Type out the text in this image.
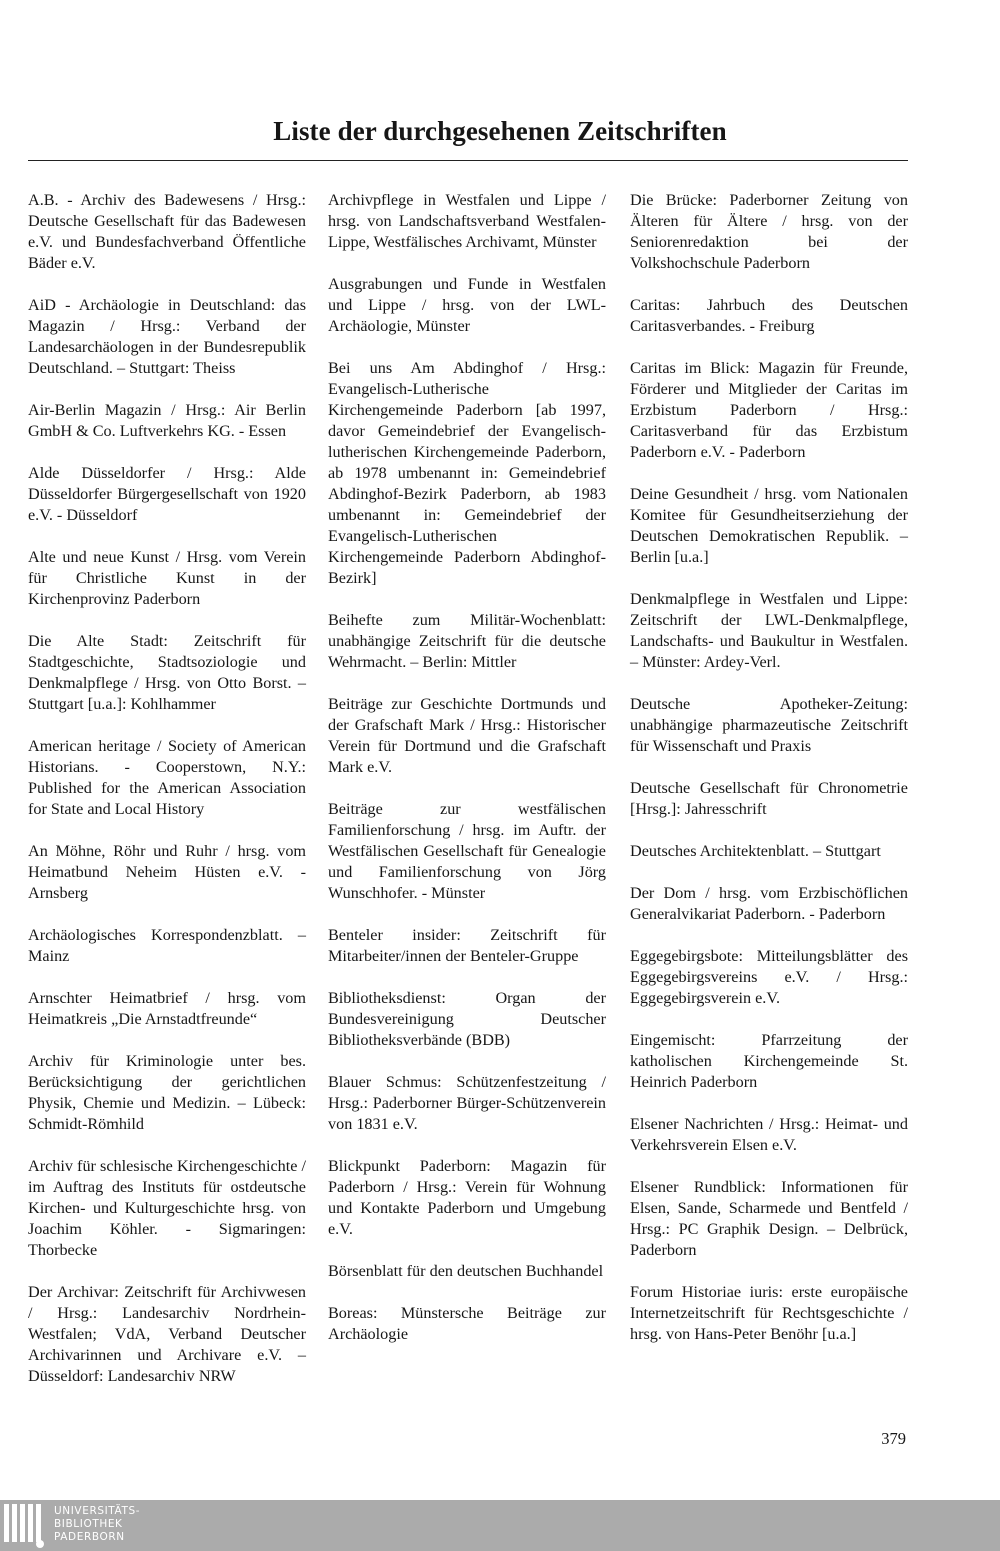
Liste der durchgesehenen Zeitschriften

A.B. - Archiv des Badewesens / Hrsg.: Deutsche Gesellschaft für das Badewesen e.V. und Bundesfachverband Öffentliche Bäder e.V.

AiD - Archäologie in Deutschland: das Magazin / Hrsg.: Verband der Landesarchäologen in der Bundesrepublik Deutschland. – Stuttgart: Theiss

Air-Berlin Magazin / Hrsg.: Air Berlin GmbH & Co. Luftverkehrs KG. - Essen

Alde Düsseldorfer / Hrsg.: Alde Düsseldorfer Bürgergesellschaft von 1920 e.V. - Düsseldorf

Alte und neue Kunst / Hrsg. vom Verein für Christliche Kunst in der Kirchenprovinz Paderborn

Die Alte Stadt: Zeitschrift für Stadtgeschichte, Stadtsoziologie und Denkmalpflege / Hrsg. von Otto Borst. – Stuttgart [u.a.]: Kohlhammer

American heritage / Society of American Historians. - Cooperstown, N.Y.: Published for the American Association for State and Local History

An Möhne, Röhr und Ruhr / hrsg. vom Heimatbund Neheim Hüsten e.V. - Arnsberg

Archäologisches Korrespondenzblatt. – Mainz

Arnschter Heimatbrief / hrsg. vom Heimatkreis „Die Arnstadtfreunde“

Archiv für Kriminologie unter bes. Berücksichtigung der gerichtlichen Physik, Chemie und Medizin. – Lübeck: Schmidt-Römhild

Archiv für schlesische Kirchengeschichte / im Auftrag des Instituts für ostdeutsche Kirchen- und Kulturgeschichte hrsg. von Joachim Köhler. - Sigmaringen: Thorbecke

Der Archivar: Zeitschrift für Archivwesen / Hrsg.: Landesarchiv Nordrhein-Westfalen; VdA, Verband Deutscher Archivarinnen und Archivare e.V. – Düsseldorf: Landesarchiv NRW

Archivpflege in Westfalen und Lippe / hrsg. von Landschaftsverband Westfalen-Lippe, Westfälisches Archivamt, Münster

Ausgrabungen und Funde in Westfalen und Lippe / hrsg. von der LWL-Archäologie, Münster

Bei uns Am Abdinghof / Hrsg.: Evangelisch-Lutherische Kirchengemeinde Paderborn [ab 1997, davor Gemeindebrief der Evangelisch-lutherischen Kirchengemeinde Paderborn, ab 1978 umbenannt in: Gemeindebrief Abdinghof-Bezirk Paderborn, ab 1983 umbenannt in: Gemeindebrief der Evangelisch-Lutherischen Kirchengemeinde Paderborn Abdinghof-Bezirk]

Beihefte zum Militär-Wochenblatt: unabhängige Zeitschrift für die deutsche Wehrmacht. – Berlin: Mittler

Beiträge zur Geschichte Dortmunds und der Grafschaft Mark / Hrsg.: Historischer Verein für Dortmund und die Grafschaft Mark e.V.

Beiträge zur westfälischen Familienforschung / hrsg. im Auftr. der Westfälischen Gesellschaft für Genealogie und Familienforschung von Jörg Wunschhofer. - Münster

Benteler insider: Zeitschrift für Mitarbeiter/innen der Benteler-Gruppe

Bibliotheksdienst: Organ der Bundesvereinigung Deutscher Bibliotheksverbände (BDB)

Blauer Schmus: Schützenfestzeitung / Hrsg.: Paderborner Bürger-Schützenverein von 1831 e.V.

Blickpunkt Paderborn: Magazin für Paderborn / Hrsg.: Verein für Wohnung und Kontakte Paderborn und Umgebung e.V.

Börsenblatt für den deutschen Buchhandel

Boreas: Münstersche Beiträge zur Archäologie

Die Brücke: Paderborner Zeitung von Älteren für Ältere / hrsg. von der Seniorenredaktion bei der Volkshochschule Paderborn

Caritas: Jahrbuch des Deutschen Caritasverbandes. - Freiburg

Caritas im Blick: Magazin für Freunde, Förderer und Mitglieder der Caritas im Erzbistum Paderborn / Hrsg.: Caritasverband für das Erzbistum Paderborn e.V. - Paderborn

Deine Gesundheit / hrsg. vom Nationalen Komitee für Gesundheitserziehung der Deutschen Demokratischen Republik. – Berlin [u.a.]

Denkmalpflege in Westfalen und Lippe: Zeitschrift der LWL-Denkmalpflege, Landschafts- und Baukultur in Westfalen. – Münster: Ardey-Verl.

Deutsche Apotheker-Zeitung: unabhängige pharmazeutische Zeitschrift für Wissenschaft und Praxis

Deutsche Gesellschaft für Chronometrie [Hrsg.]: Jahresschrift

Deutsches Architektenblatt. – Stuttgart

Der Dom / hrsg. vom Erzbischöflichen Generalvikariat Paderborn. - Paderborn

Eggegebirgsbote: Mitteilungsblätter des Eggegebirgsvereins e.V. / Hrsg.: Eggegebirgsverein e.V.

Eingemischt: Pfarrzeitung der katholischen Kirchengemeinde St. Heinrich Paderborn

Elsener Nachrichten / Hrsg.: Heimat- und Verkehrsverein Elsen e.V.

Elsener Rundblick: Informationen für Elsen, Sande, Scharmede und Bentfeld / Hrsg.: PC Graphik Design. – Delbrück, Paderborn

Forum Historiae iuris: erste europäische Internetzeitschrift für Rechtsgeschichte / hrsg. von Hans-Peter Benöhr [u.a.]

379
UNIVERSITÄTS-
BIBLIOTHEK
PADERBORN
